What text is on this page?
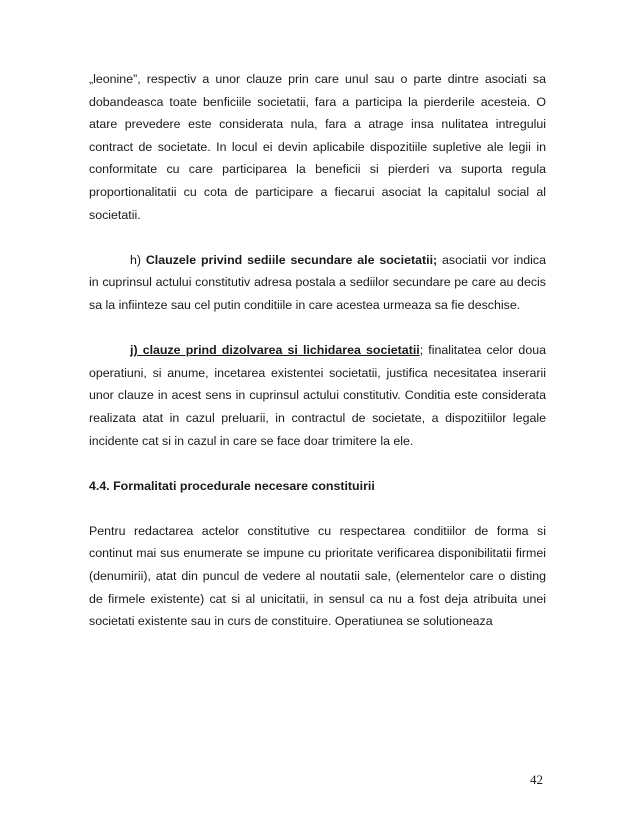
„leonine”, respectiv a unor clauze prin care unul sau o parte dintre asociati sa dobandeasca toate benficiile societatii, fara a participa la pierderile acesteia. O atare prevedere este considerata nula, fara a atrage insa nulitatea intregului contract de societate. In locul ei devin aplicabile dispozitiile supletive ale legii in conformitate cu care participarea la beneficii si pierderi va suporta regula proportionalitatii cu cota de participare a fiecarui asociat la capitalul social al societatii.

h) Clauzele privind sediile secundare ale societatii; asociatii vor indica in cuprinsul actului constitutiv adresa postala a sediilor secundare pe care au decis sa la infiinteze sau cel putin conditiile in care acestea urmeaza sa fie deschise.

j) clauze prind dizolvarea si lichidarea societatii; finalitatea celor doua operatiuni, si anume, incetarea existentei societatii, justifica necesitatea inserarii unor clauze in acest sens in cuprinsul actului constitutiv. Conditia este considerata realizata atat in cazul preluarii, in contractul de societate, a dispozitiilor legale incidente cat si in cazul in care se face doar trimitere la ele.

4.4. Formalitati procedurale necesare constituirii

Pentru redactarea actelor constitutive cu respectarea conditiilor de forma si continut mai sus enumerate se impune cu prioritate verificarea disponibilitatii firmei (denumirii), atat din puncul de vedere al noutatii sale, (elementelor care o disting de firmele existente) cat si al unicitatii, in sensul ca nu a fost deja atribuita unei societati existente sau in curs de constituire. Operatiunea se solutioneaza

42
